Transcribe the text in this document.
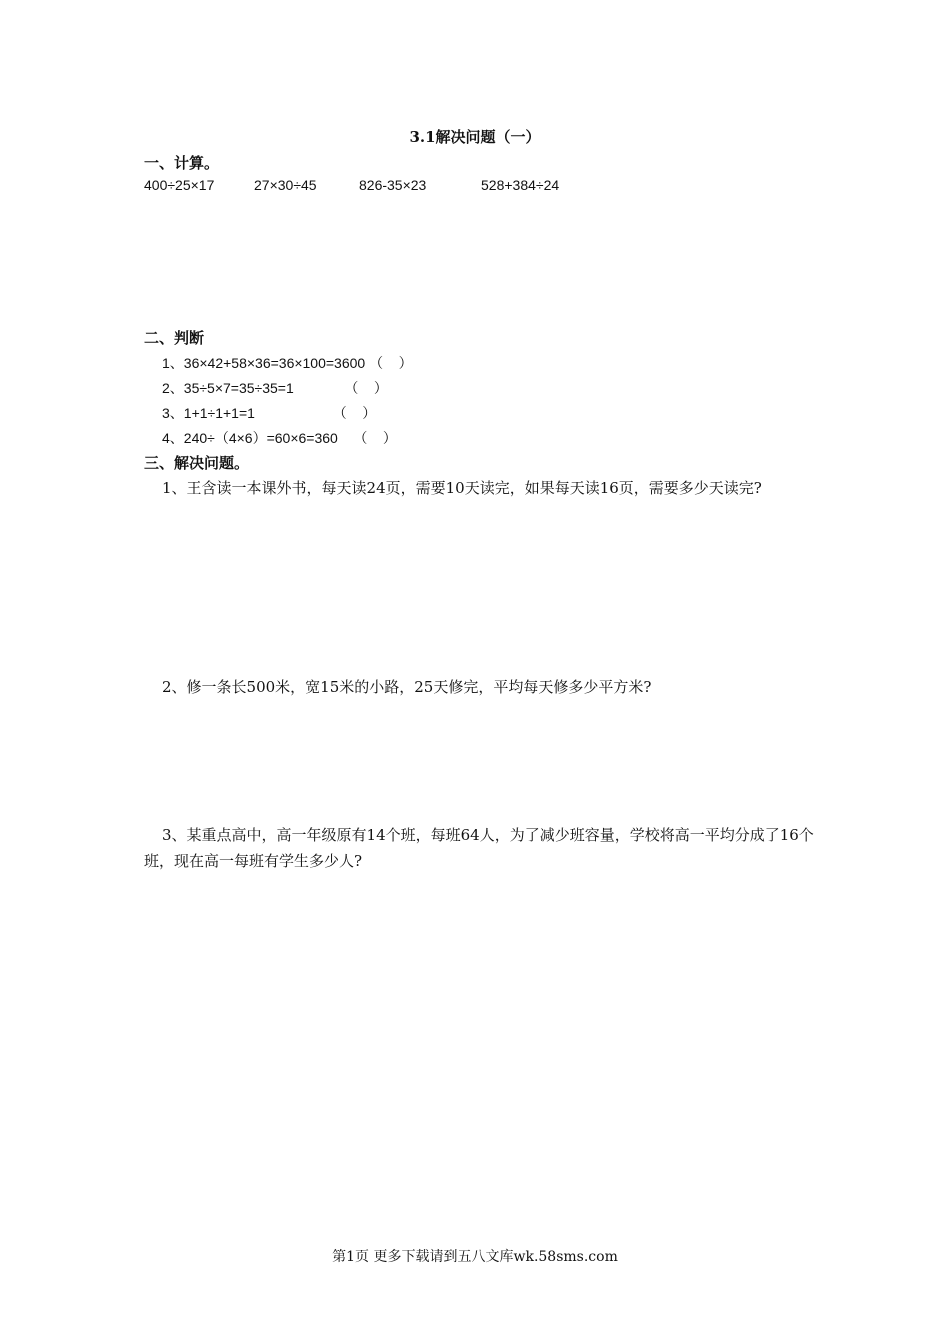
3.1解决问题（一）
一、计算。
400÷25×17	27×30÷45	826-35×23	528+384÷24
二、判断
1、36×42+58×36=36×100=3600 （    ）
2、35÷5×7=35÷35=1             （    ）
3、1+1÷1+1=1                    （    ）
4、240÷（4×6）=60×6=360    （    ）
三、解决问题。
1、王含读一本课外书，每天读24页，需要10天读完，如果每天读16页，需要多少天读完?
2、修一条长500米，宽15米的小路，25天修完，平均每天修多少平方米?
3、某重点高中，高一年级原有14个班，每班64人，为了减少班容量，学校将高一平均分成了16个班，现在高一每班有学生多少人?
第1页 更多下载请到五八文库wk.58sms.com
